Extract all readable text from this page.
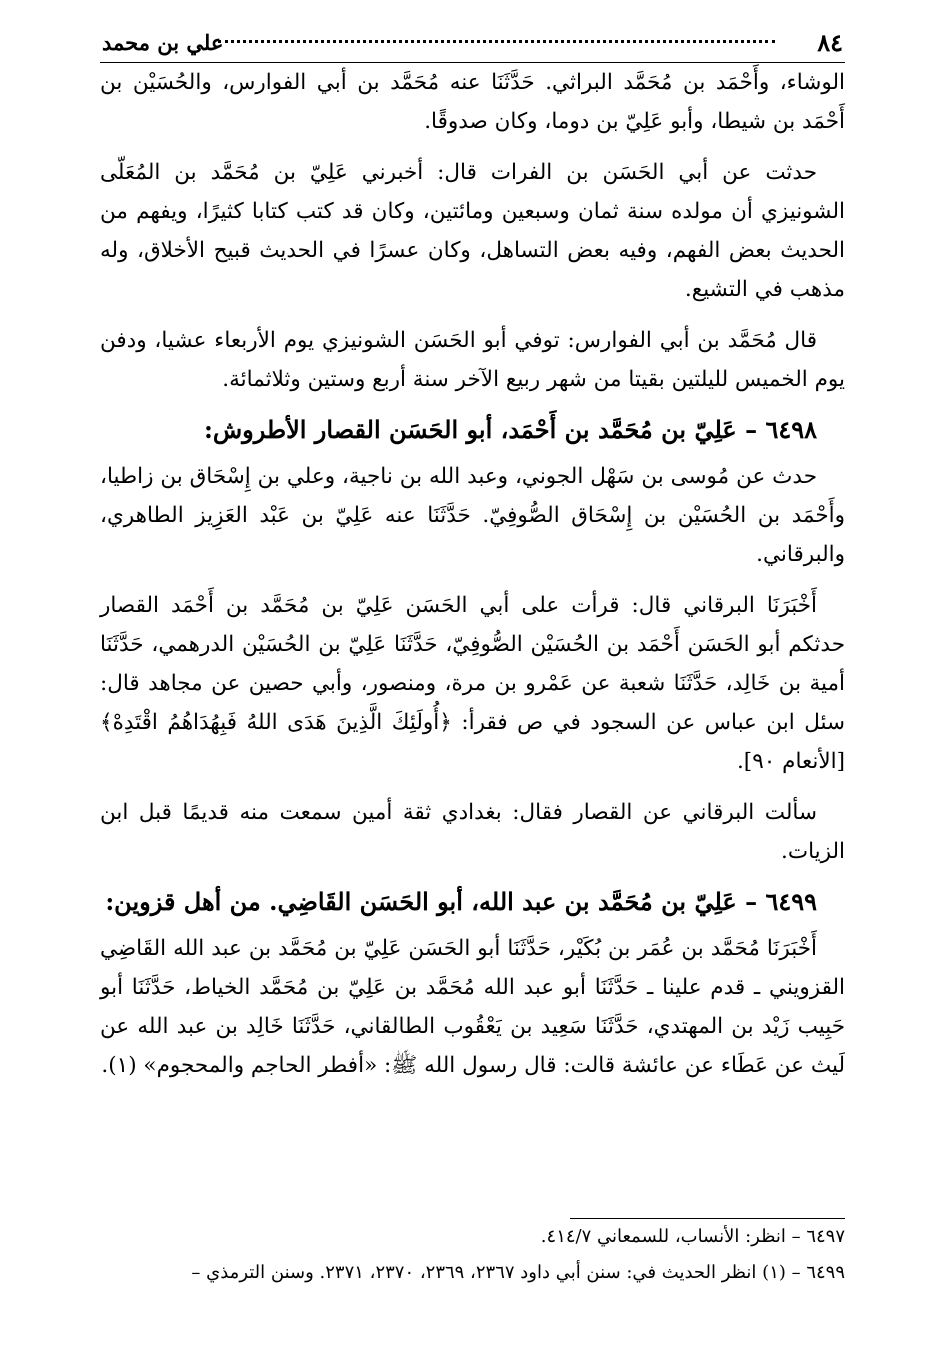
٨٤
علي بن محمد

الوشاء، وأَحْمَد بن مُحَمَّد البراثي. حَدَّثَنَا عنه مُحَمَّد بن أبي الفوارس، والحُسَيْن بن أَحْمَد بن شيطا، وأبو عَلِيّ بن دوما، وكان صدوقًا.

حدثت عن أبي الحَسَن بن الفرات قال: أخبرني عَلِيّ بن مُحَمَّد بن المُعَلّى الشونيزي أن مولده سنة ثمان وسبعين ومائتين، وكان قد كتب كتابا كثيرًا، ويفهم من الحديث بعض الفهم، وفيه بعض التساهل، وكان عسرًا في الحديث قبيح الأخلاق، وله مذهب في التشيع.

قال مُحَمَّد بن أبي الفوارس: توفي أبو الحَسَن الشونيزي يوم الأربعاء عشيا، ودفن يوم الخميس لليلتين بقيتا من شهر ربيع الآخر سنة أربع وستين وثلاثمائة.

٦٤٩٨ – عَلِيّ بن مُحَمَّد بن أَحْمَد، أبو الحَسَن القصار الأطروش:

حدث عن مُوسى بن سَهْل الجوني، وعبد الله بن ناجية، وعلي بن إِسْحَاق بن زاطيا، وأَحْمَد بن الحُسَيْن بن إِسْحَاق الصُّوفِيّ. حَدَّثَنَا عنه عَلِيّ بن عَبْد العَزِيز الطاهري، والبرقاني.

أَخْبَرَنَا البرقاني قال: قرأت على أبي الحَسَن عَلِيّ بن مُحَمَّد بن أَحْمَد القصار حدثكم أبو الحَسَن أَحْمَد بن الحُسَيْن الصُّوفِيّ، حَدَّثَنَا عَلِيّ بن الحُسَيْن الدرهمي، حَدَّثَنَا أمية بن خَالِد، حَدَّثَنَا شعبة عن عَمْرو بن مرة، ومنصور، وأبي حصين عن مجاهد قال: سئل ابن عباس عن السجود في ص فقرأ: ﴿أُولَئِكَ الَّذِينَ هَدَى اللهُ فَبِهُدَاهُمُ اقْتَدِهْ﴾ [الأنعام ٩٠].

سألت البرقاني عن القصار فقال: بغدادي ثقة أمين سمعت منه قديمًا قبل ابن الزيات.

٦٤٩٩ – عَلِيّ بن مُحَمَّد بن عبد الله، أبو الحَسَن القَاضِي. من أهل قزوين:

أَخْبَرَنَا مُحَمَّد بن عُمَر بن بُكَيْر، حَدَّثَنَا أبو الحَسَن عَلِيّ بن مُحَمَّد بن عبد الله القَاضِي القزويني ـ قدم علينا ـ حَدَّثَنَا أبو عبد الله مُحَمَّد بن عَلِيّ بن مُحَمَّد الخياط، حَدَّثَنَا أبو حَبِيب زَيْد بن المهتدي، حَدَّثَنَا سَعِيد بن يَعْقُوب الطالقاني، حَدَّثَنَا خَالِد بن عبد الله عن لَيث عن عَطَاء عن عائشة قالت: قال رسول الله ﷺ: «أفطر الحاجم والمحجوم» (١).

٦٤٩٧ – انظر: الأنساب، للسمعاني ٤١٤/٧.
٦٤٩٩ – (١) انظر الحديث في: سنن أبي داود ٢٣٦٧، ٢٣٦٩، ٢٣٧٠، ٢٣٧١. وسنن الترمذي –
